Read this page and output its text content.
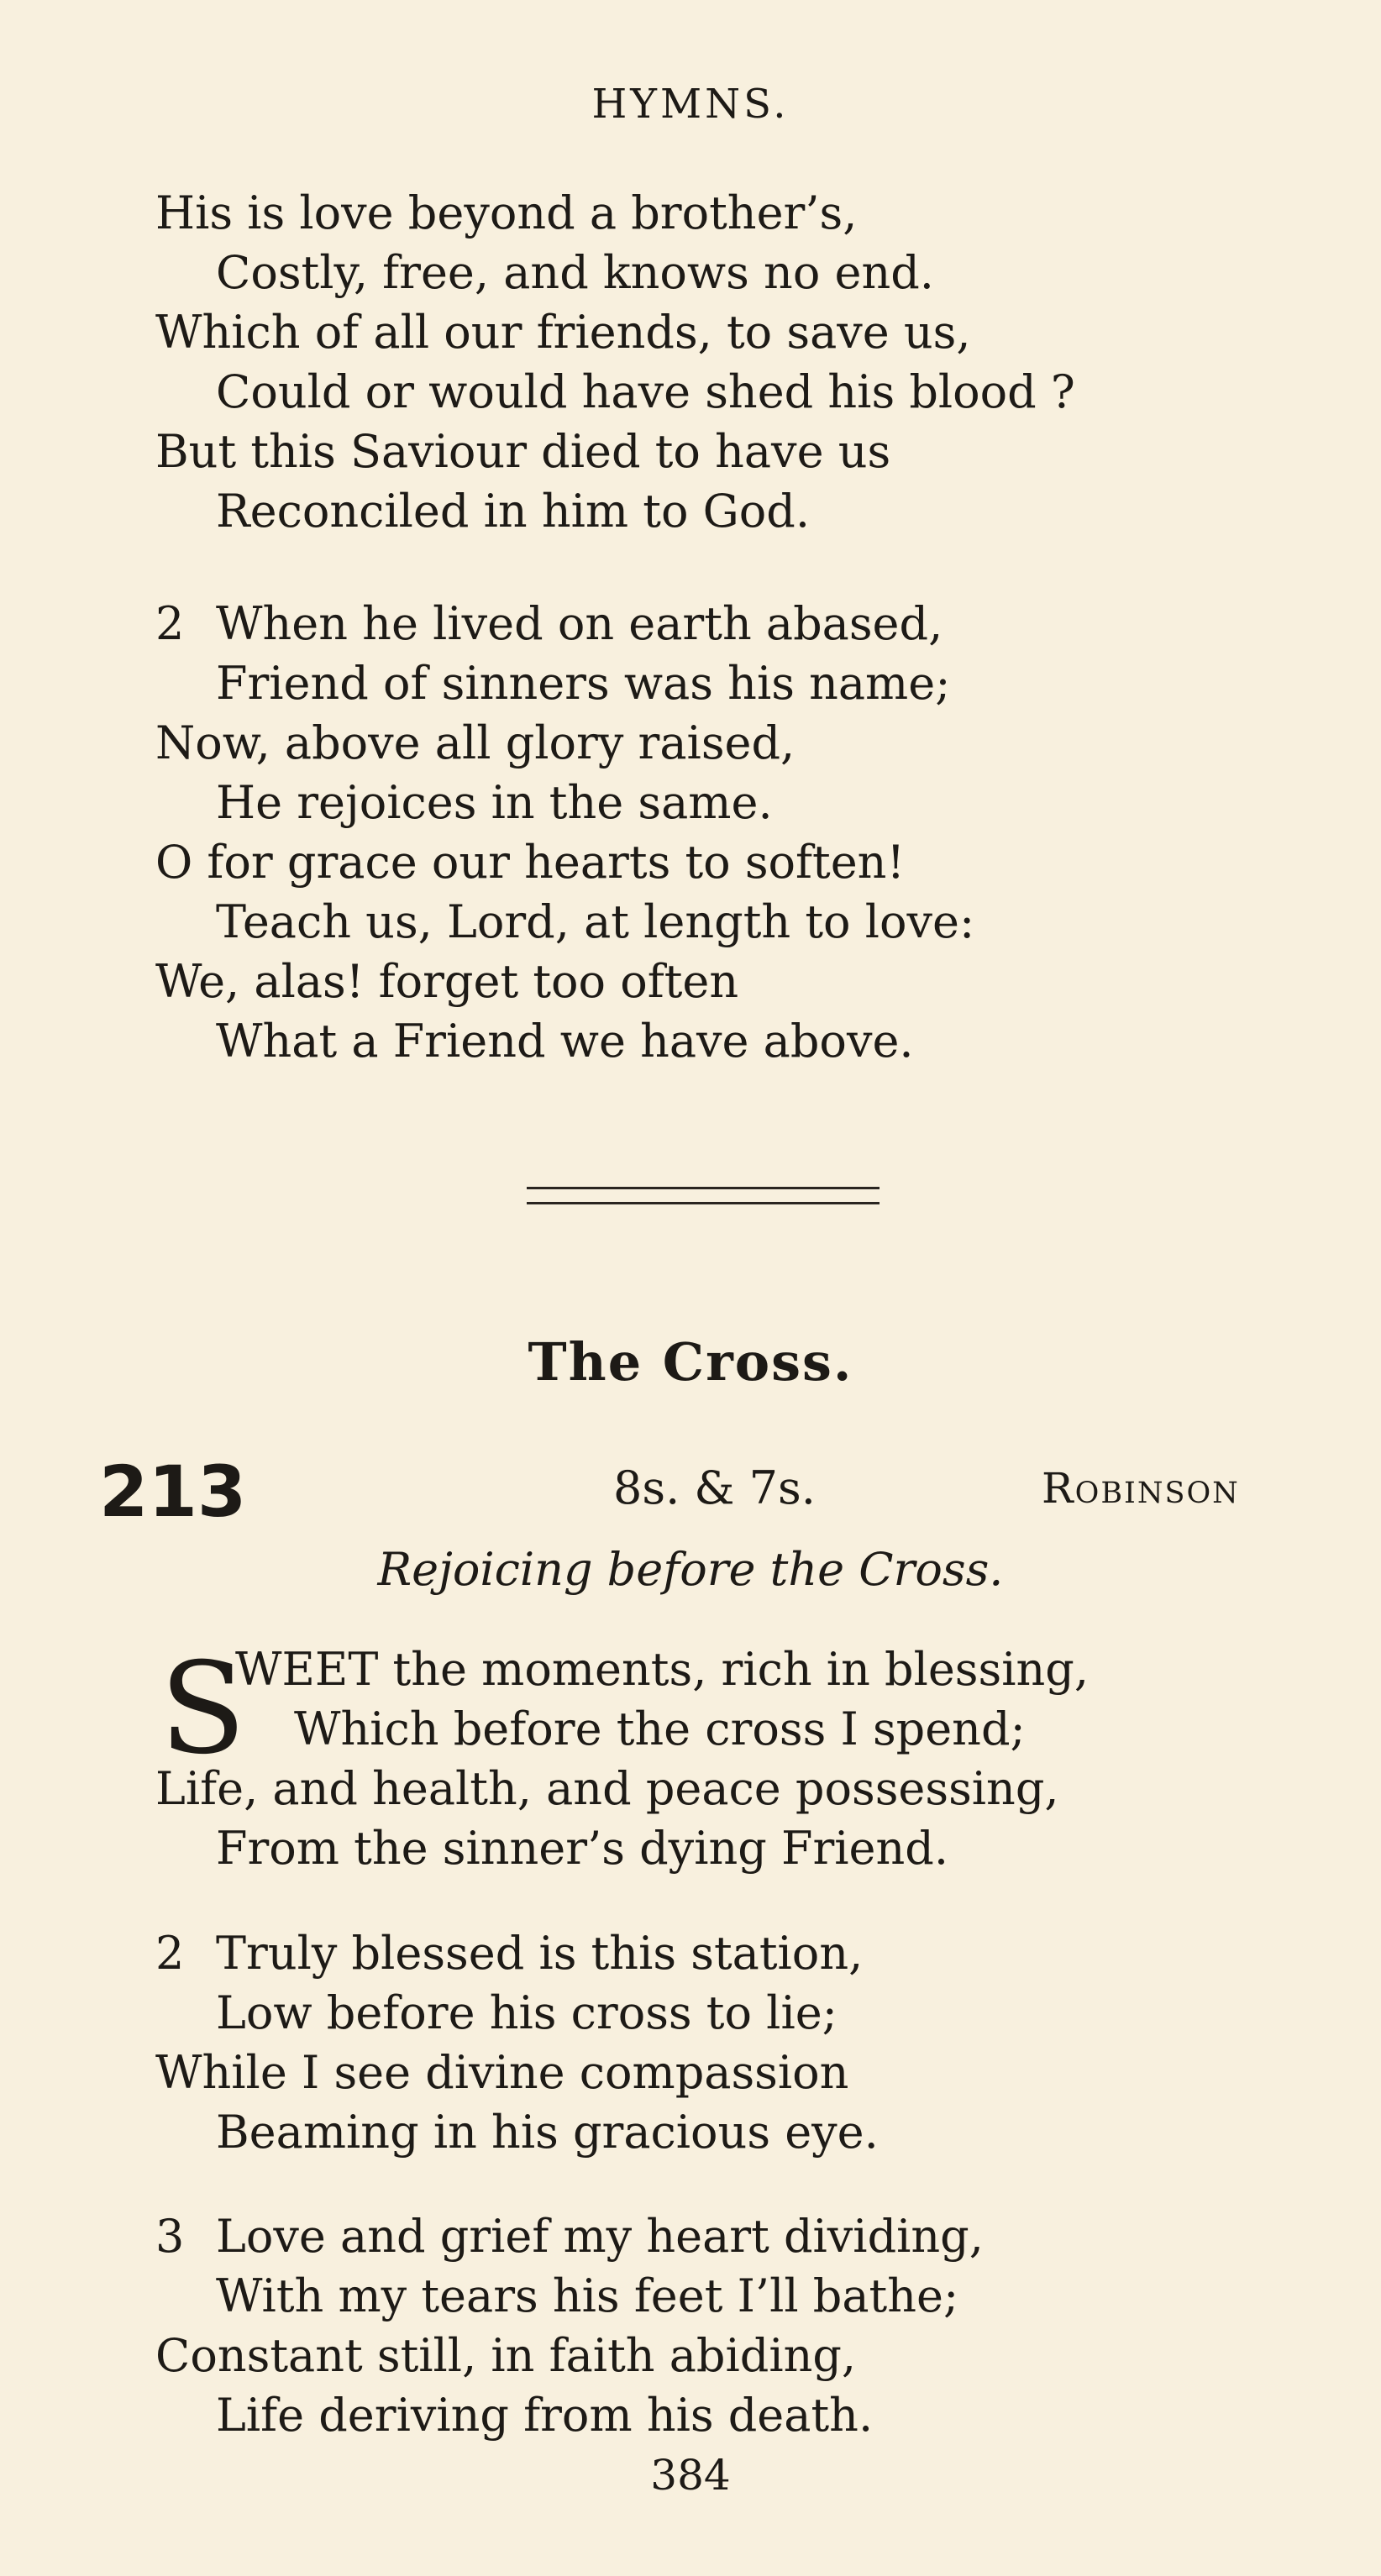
HYMNS.
His is love beyond a brother’s,
Costly, free, and knows no end.
Which of all our friends, to save us,
Could or would have shed his blood ?
But this Saviour died to have us
Reconciled in him to God.
2 When he lived on earth abased,
Friend of sinners was his name;
Now, above all glory raised,
He rejoices in the same.
O for grace our hearts to soften!
Teach us, Lord, at length to love:
We, alas! forget too often
What a Friend we have above.
The Cross.
213	8s. & 7s.	Robinson
Rejoicing before the Cross.
S
WEET the moments, rich in blessing,
Which before the cross I spend;
Life, and health, and peace possessing,
From the sinner’s dying Friend.
2 Truly blessed is this station,
Low before his cross to lie;
While I see divine compassion
Beaming in his gracious eye.
3 Love and grief my heart dividing,
With my tears his feet I’ll bathe;
Constant still, in faith abiding,
Life deriving from his death.
384
